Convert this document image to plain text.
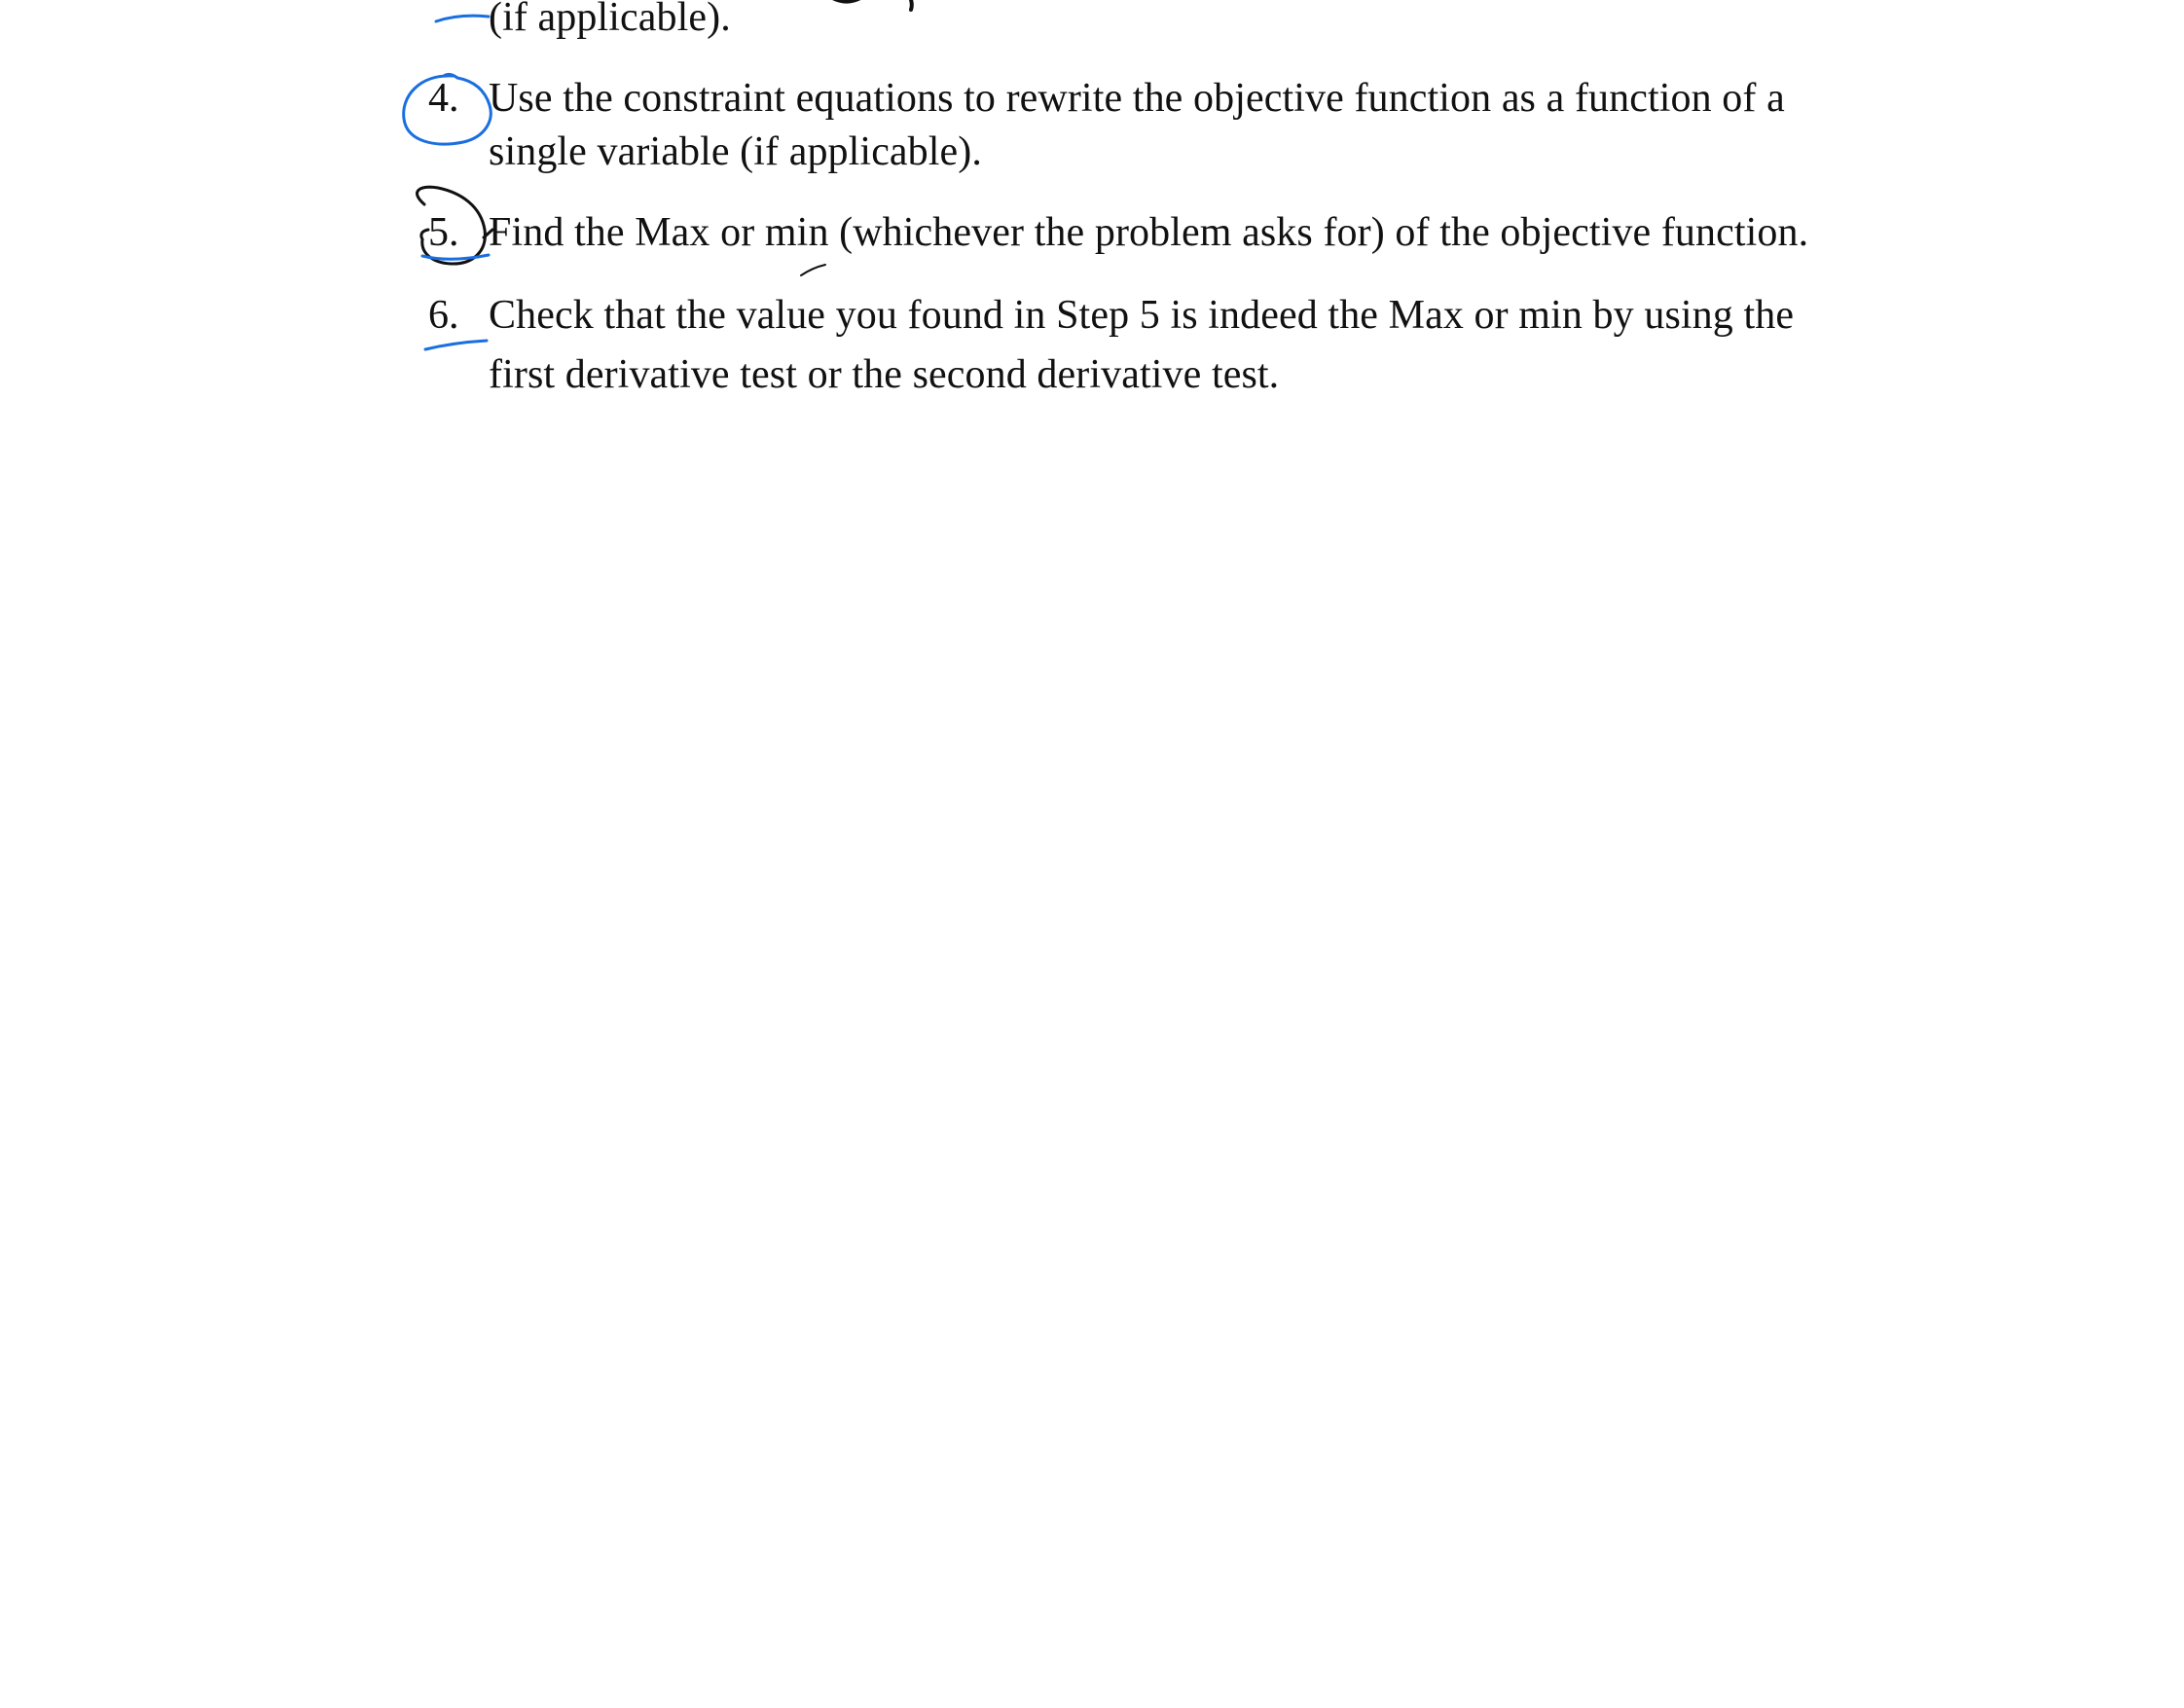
(if applicable).
4. Use the constraint equations to rewrite the objective function as a function of a
single variable (if applicable).
5. Find the Max or min (whichever the problem asks for) of the objective function.
6. Check that the value you found in Step 5 is indeed the Max or min by using the
first derivative test or the second derivative test.
